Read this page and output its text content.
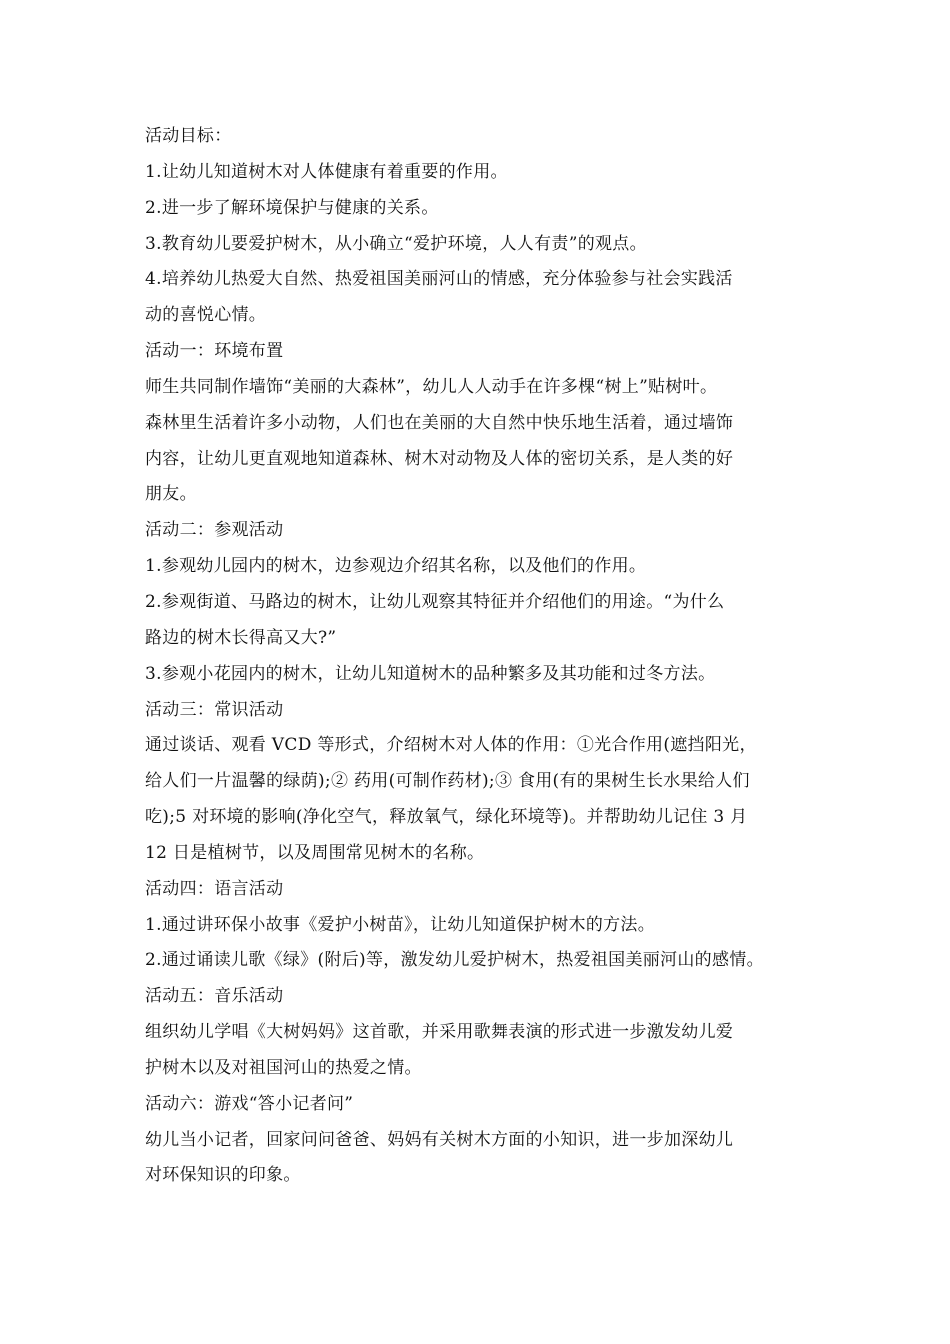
活动目标：
1.让幼儿知道树木对人体健康有着重要的作用。
2.进一步了解环境保护与健康的关系。
3.教育幼儿要爱护树木，从小确立“爱护环境，人人有责”的观点。
4.培养幼儿热爱大自然、热爱祖国美丽河山的情感，充分体验参与社会实践活
动的喜悦心情。
活动一：环境布置
师生共同制作墙饰“美丽的大森林”，幼儿人人动手在许多棵“树上”贴树叶。
森林里生活着许多小动物，人们也在美丽的大自然中快乐地生活着，通过墙饰
内容，让幼儿更直观地知道森林、树木对动物及人体的密切关系，是人类的好
朋友。
活动二：参观活动
1.参观幼儿园内的树木，边参观边介绍其名称，以及他们的作用。
2.参观街道、马路边的树木，让幼儿观察其特征并介绍他们的用途。“为什么
路边的树木长得高又大?”
3.参观小花园内的树木，让幼儿知道树木的品种繁多及其功能和过冬方法。
活动三：常识活动
通过谈话、观看 VCD 等形式，介绍树木对人体的作用：①光合作用(遮挡阳光，
给人们一片温馨的绿荫);② 药用(可制作药材);③ 食用(有的果树生长水果给人们
吃);5 对环境的影响(净化空气，释放氧气，绿化环境等)。并帮助幼儿记住 3 月
12 日是植树节，以及周围常见树木的名称。
活动四：语言活动
1.通过讲环保小故事《爱护小树苗》，让幼儿知道保护树木的方法。
2.通过诵读儿歌《绿》(附后)等，激发幼儿爱护树木，热爱祖国美丽河山的感情。
活动五：音乐活动
组织幼儿学唱《大树妈妈》这首歌，并采用歌舞表演的形式进一步激发幼儿爱
护树木以及对祖国河山的热爱之情。
活动六：游戏“答小记者问”
幼儿当小记者，回家问问爸爸、妈妈有关树木方面的小知识，进一步加深幼儿
对环保知识的印象。
